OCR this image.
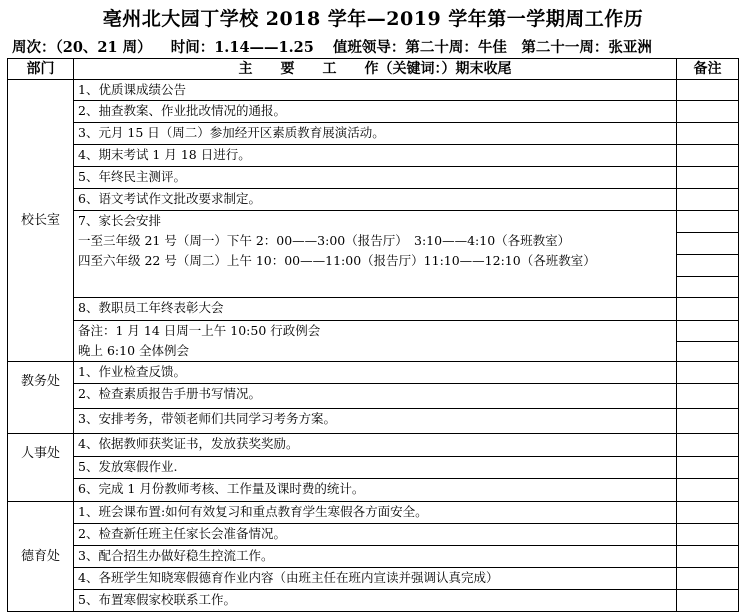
亳州北大园丁学校 2018 学年—2019 学年第一学期周工作历
周次：（20、21 周） 时间：1.14——1.25 值班领导：第二十周：牛佳　第二十一周：张亚洲
部门	主　　要　　工　　 作（关键词：）期末收尾	备注
校长室	1、优质课成绩公告	
	2、抽查教案、作业批改情况的通报。	
	3、元月 15 日（周二）参加经开区素质教育展演活动。	
	4、期末考试 1 月 18 日进行。	
	5、年终民主测评。	
	6、语文考试作文批改要求制定。	

	7、家长会安排
一至三年级 21 号（周一）下午 2：00——3:00（报告厅）　3:10——4:10（各班教室）
四至六年级 22 号（周二）上午 10：00——11:00（报告厅）11:10——12:10（各班教室）	

	8、教职员工年终表彰大会	

	备注：1 月 14 日周一上午 10:50 行政例会
晚上 6:10 全体例会	

教务处	1、作业检查反馈。	
	2、检查素质报告手册书写情况。	
	3、安排考务，带领老师们共同学习考务方案。	
人事处	4、依据教师获奖证书，发放获奖奖励。	
	5、发放寒假作业.	
	6、完成 1 月份教师考核、工作量及课时费的统计。	
德育处	1、班会课布置:如何有效复习和重点教育学生寒假各方面安全。	
	2、检查新任班主任家长会准备情况。	
	3、配合招生办做好稳生控流工作。	
	4、各班学生知晓寒假德育作业内容（由班主任在班内宣读并强调认真完成）	
	5、布置寒假家校联系工作。	
